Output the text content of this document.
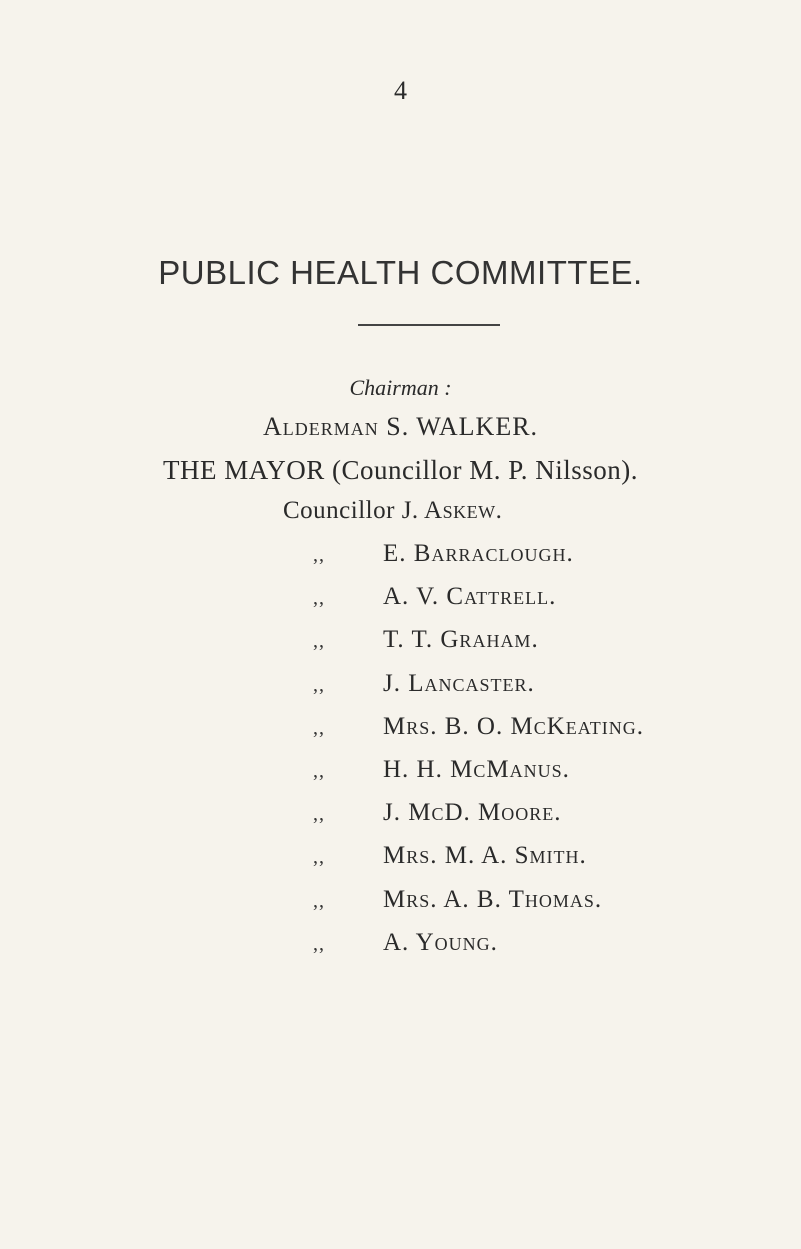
4
PUBLIC HEALTH COMMITTEE.
Chairman :
Alderman S. WALKER.
THE MAYOR (Councillor M. P. Nilsson).
Councillor J. Askew.
,, E. Barraclough.
,, A. V. Cattrell.
,, T. T. Graham.
,, J. Lancaster.
,, Mrs. B. O. McKeating.
,, H. H. McManus.
,, J. McD. Moore.
,, Mrs. M. A. Smith.
,, Mrs. A. B. Thomas.
,, A. Young.
